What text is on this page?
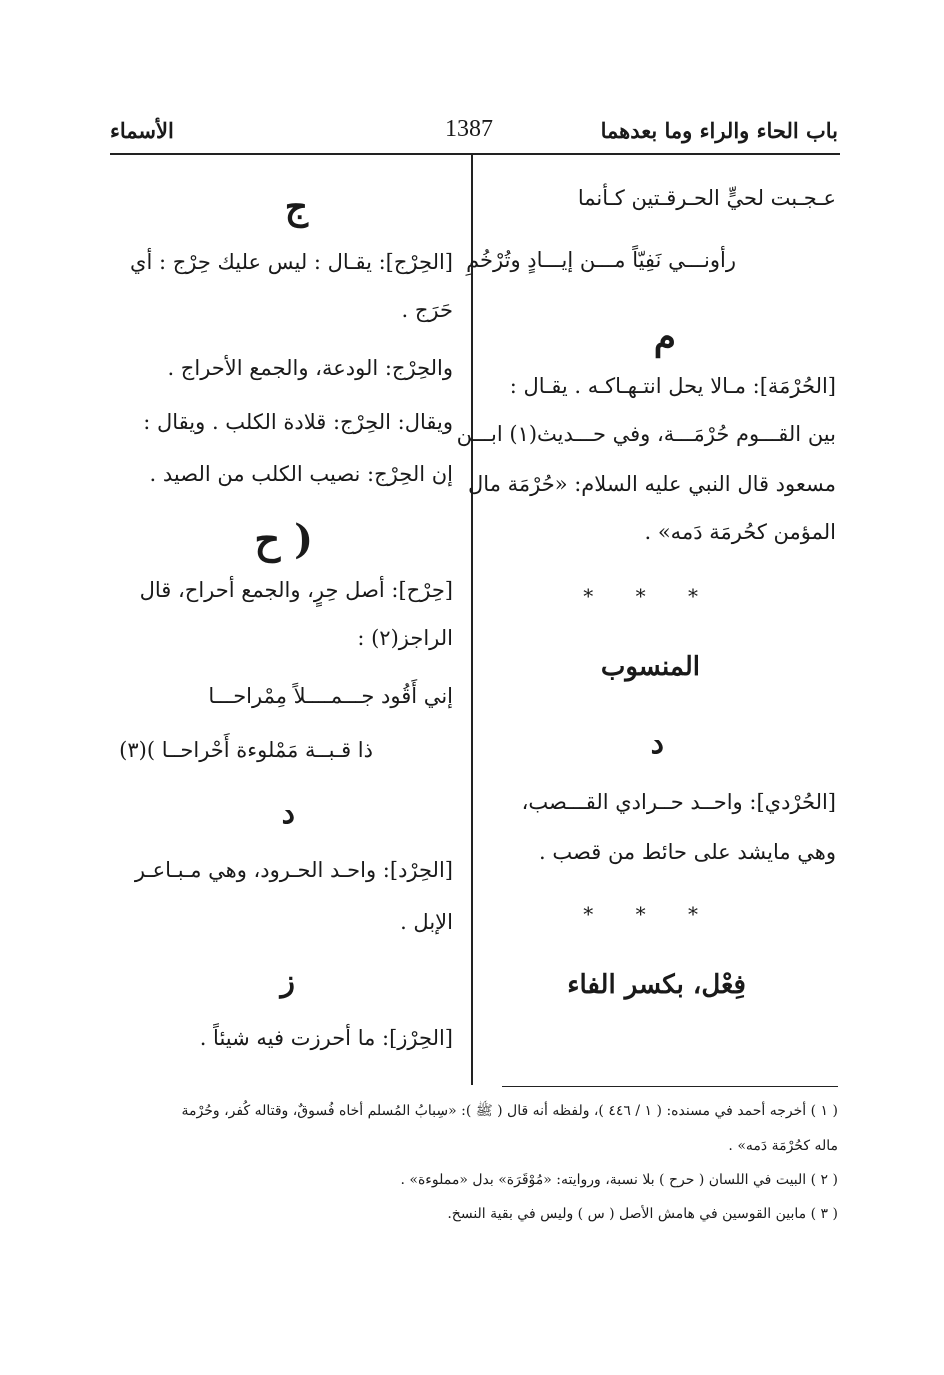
باب الحاء والراء وما بعدهما
1387
الأسماء
عـجـبت لحيٍّ الحـرقـتين كـأنما
رأونـــي نَفِيّاً مـــن إيـــادٍ وتُرْخُمِ
م
[الحُرْمَة]: مـالا يحل انتـهـاكـه . يقـال :
بين القـــوم حُرْمَـــة، وفي حـــديث(١) ابـــن
مسعود قال النبي عليه السلام: «حُرْمَة مال
المؤمن كحُرمَة دَمه» .
* * *
المنسوب
د
[الحُرْدي]: واحــد حــرادي القـــصب،
وهي مايشد على حائط من قصب .
* * *
فِعْل، بكسر الفاء
ج
[الحِرْج]: يقـال : ليس عليك حِرْج : أي
حَرَج .
والحِرْج: الودعة، والجمع الأحراج .
ويقال: الحِرْج: قلادة الكلب . ويقال :
إن الحِرْج: نصيب الكلب من الصيد .
( ح
[حِرْح]: أصل حِرٍ، والجمع أحراح، قال
الراجز(٢) :
إني أَقُود جـــمــــلاً مِمْراحـــا
ذا قـبــة مَمْلوءة أَحْراحــا )(٣)
د
[الحِرْد]: واحـد الحـرود، وهي مـبـاعـر
الإبل .
ز
[الحِرْز]: ما أحرزت فيه شيئاً .
( ١ ) أخرجه أحمد في مسنده: ( ١ / ٤٤٦ )، ولفظه أنه قال ( ﷺ ): «سِبابُ المُسلم أخاه فُسوقٌ، وقتاله كُفر، وحُرْمة
ماله كحُرْمَة دَمه» .
( ٢ ) البيت في اللسان ( حرح ) بلا نسبة، وروايته: «مُوْقَرَة» بدل «مملوءة» .
( ٣ ) مابين القوسين في هامش الأصل ( س ) وليس في بقية النسخ.
